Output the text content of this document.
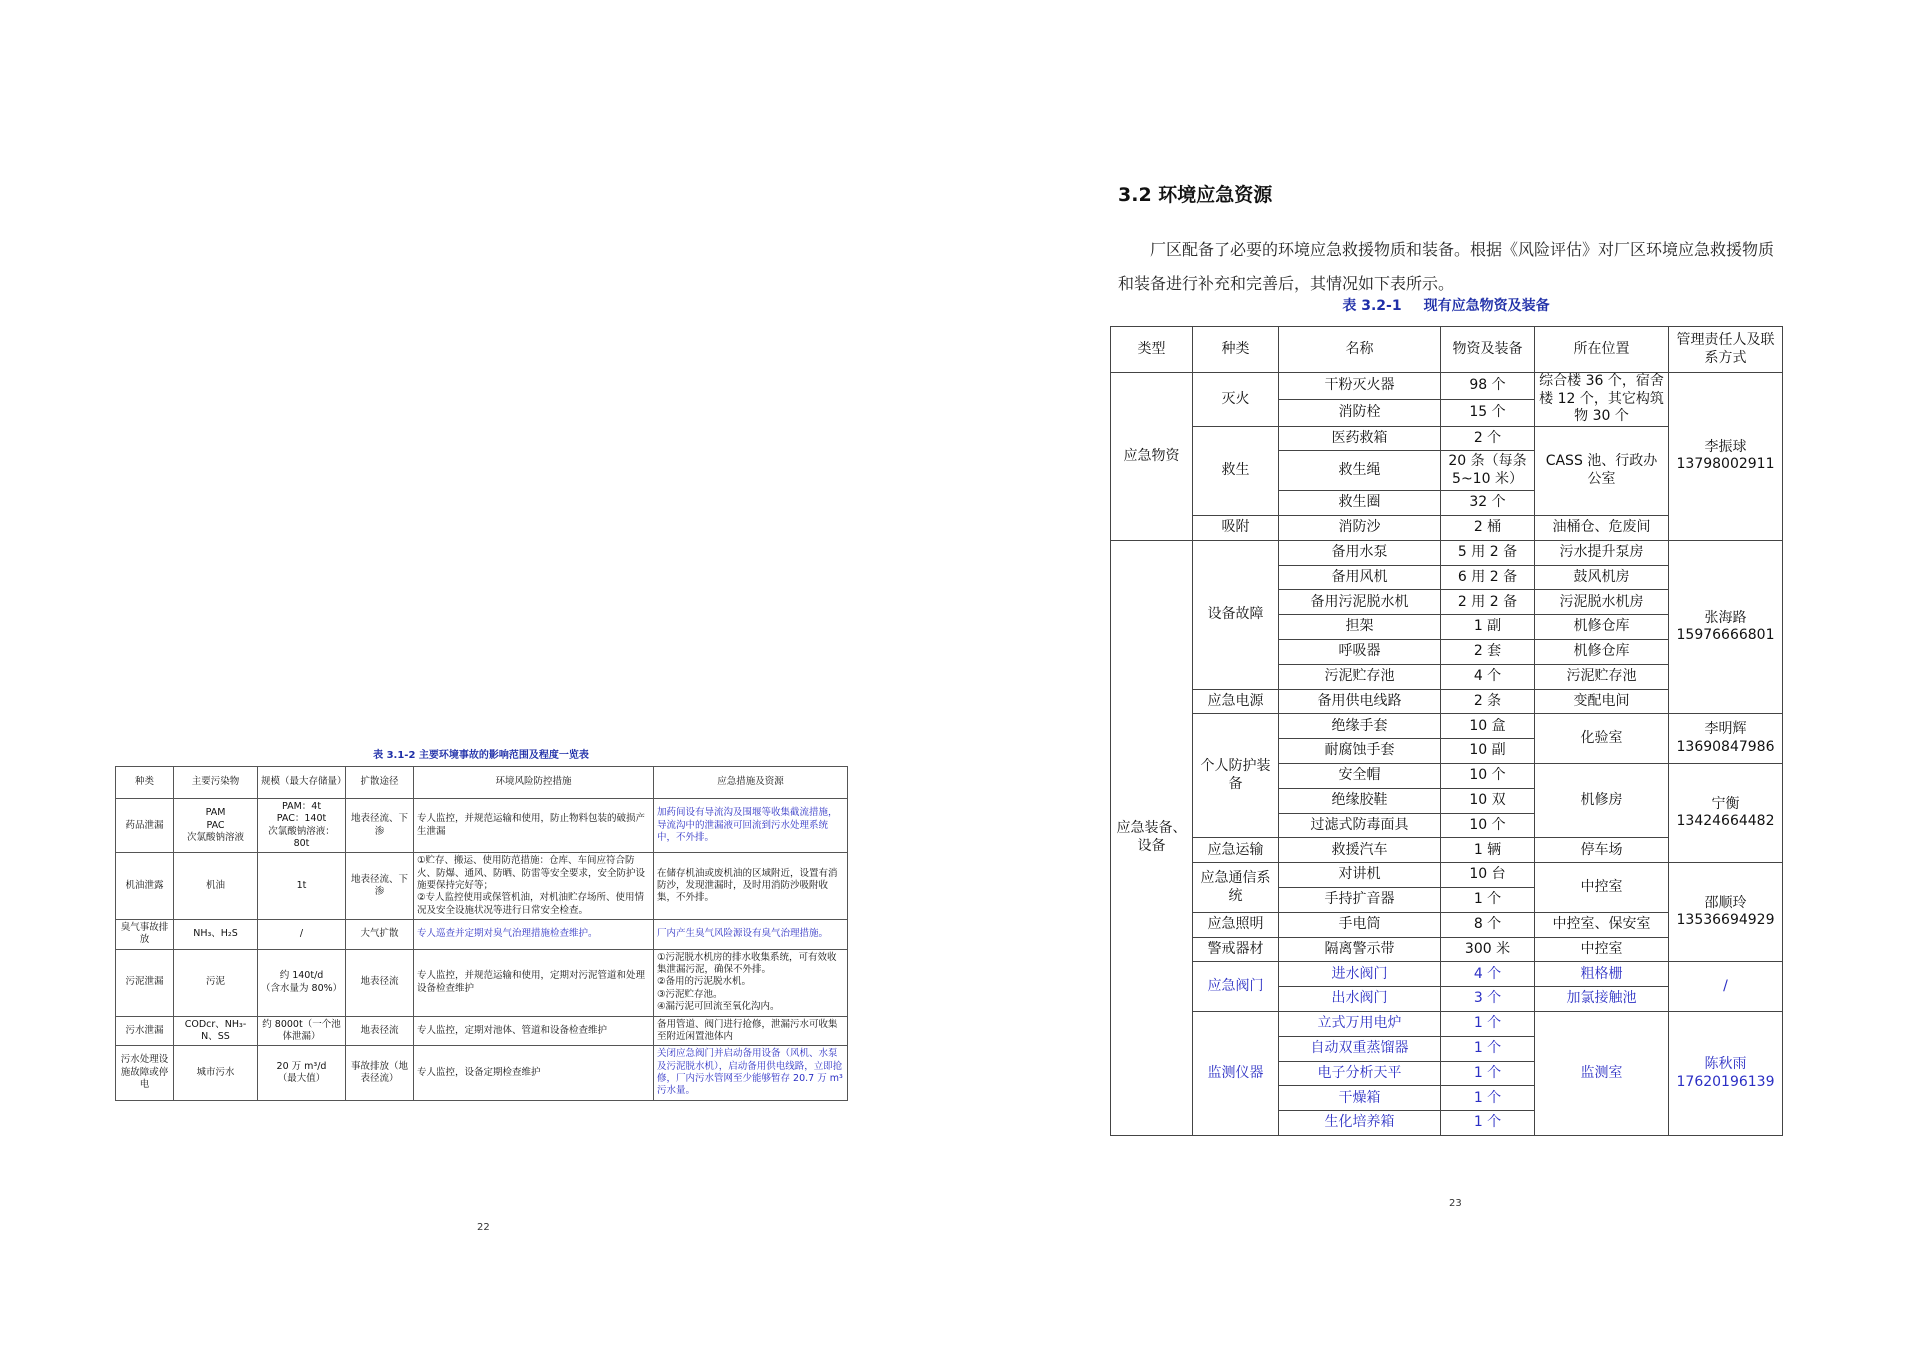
表 3.1-2 主要环境事故的影响范围及程度一览表
种类	主要污染物	规模（最大存储量）	扩散途径	环境风险防控措施	应急措施及资源
药品泄漏	PAM
PAC
次氯酸钠溶液	PAM：4t
PAC：140t
次氯酸钠溶液：80t	地表径流、下渗	专人监控，并规范运输和使用，防止物料包装的破损产生泄漏	加药间设有导流沟及围堰等收集截流措施，导流沟中的泄漏液可回流到污水处理系统中，不外排。
机油泄露	机油	1t	地表径流、下渗	①贮存、搬运、使用防范措施：仓库、车间应符合防火、防爆、通风、防晒、防雷等安全要求，安全防护设施要保持完好等；
②专人监控使用或保管机油，对机油贮存场所、使用情况及安全设施状况等进行日常安全检查。	在储存机油或废机油的区域附近，设置有消防沙，发现泄漏时，及时用消防沙吸附收集，不外排。
臭气事故排放	NH₃、H₂S	/	大气扩散	专人巡查并定期对臭气治理措施检查维护。	厂内产生臭气风险源设有臭气治理措施。
污泥泄漏	污泥	约 140t/d
（含水量为 80%）	地表径流	专人监控，并规范运输和使用，定期对污泥管道和处理设备检查维护	①污泥脱水机房的排水收集系统，可有效收集泄漏污泥，确保不外排。
②备用的污泥脱水机。
③污泥贮存池。
④漏污泥可回流至氧化沟内。
污水泄漏	CODcr、NH₃-N、SS	约 8000t（一个池体泄漏）	地表径流	专人监控，定期对池体、管道和设备检查维护	备用管道、阀门进行抢修，泄漏污水可收集至附近闲置池体内
污水处理设施故障或停电	城市污水	20 万 m³/d
（最大值）	事故排放（地表径流）	专人监控，设备定期检查维护	关闭应急阀门并启动备用设备（风机、水泵及污泥脱水机），启动备用供电线路，立即抢修，厂内污水管网至少能够暂存 20.7 万 m³污水量。
22
3.2 环境应急资源
厂区配备了必要的环境应急救援物质和装备。根据《风险评估》对厂区环境应急救援物质和装备进行补充和完善后，其情况如下表所示。
表 3.2-1 现有应急物资及装备
类型	种类	名称	物资及装备	所在位置	管理责任人及联系方式
应急物资	灭火	干粉灭火器	98 个	综合楼 36 个，宿舍楼 12 个，其它构筑物 30 个	李振球
13798002911
		消防栓	15 个		
	救生	医药救箱	2 个	CASS 池、行政办公室	
		救生绳	20 条（每条 5~10 米）		
		救生圈	32 个		
	吸附	消防沙	2 桶	油桶仓、危废间	
应急装备、设备	设备故障	备用水泵	5 用 2 备	污水提升泵房	张海路
15976666801
		备用风机	6 用 2 备	鼓风机房	
		备用污泥脱水机	2 用 2 备	污泥脱水机房	
		担架	1 副	机修仓库	
		呼吸器	2 套	机修仓库	
		污泥贮存池	4 个	污泥贮存池	
	应急电源	备用供电线路	2 条	变配电间	
	个人防护装备	绝缘手套	10 盒	化验室	李明辉
13690847986
		耐腐蚀手套	10 副		
		安全帽	10 个	机修房	宁衡
13424664482
		绝缘胶鞋	10 双		
		过滤式防毒面具	10 个		
	应急运输	救援汽车	1 辆	停车场	
	应急通信系统	对讲机	10 台	中控室	邵顺玲
13536694929
		手持扩音器	1 个		
	应急照明	手电筒	8 个	中控室、保安室	
	警戒器材	隔离警示带	300 米	中控室	
	应急阀门	进水阀门	4 个	粗格栅	/
		出水阀门	3 个	加氯接触池	
	监测仪器	立式万用电炉	1 个	监测室	陈秋雨
17620196139
		自动双重蒸馏器	1 个		
		电子分析天平	1 个		
		干燥箱	1 个		
		生化培养箱	1 个		
23
